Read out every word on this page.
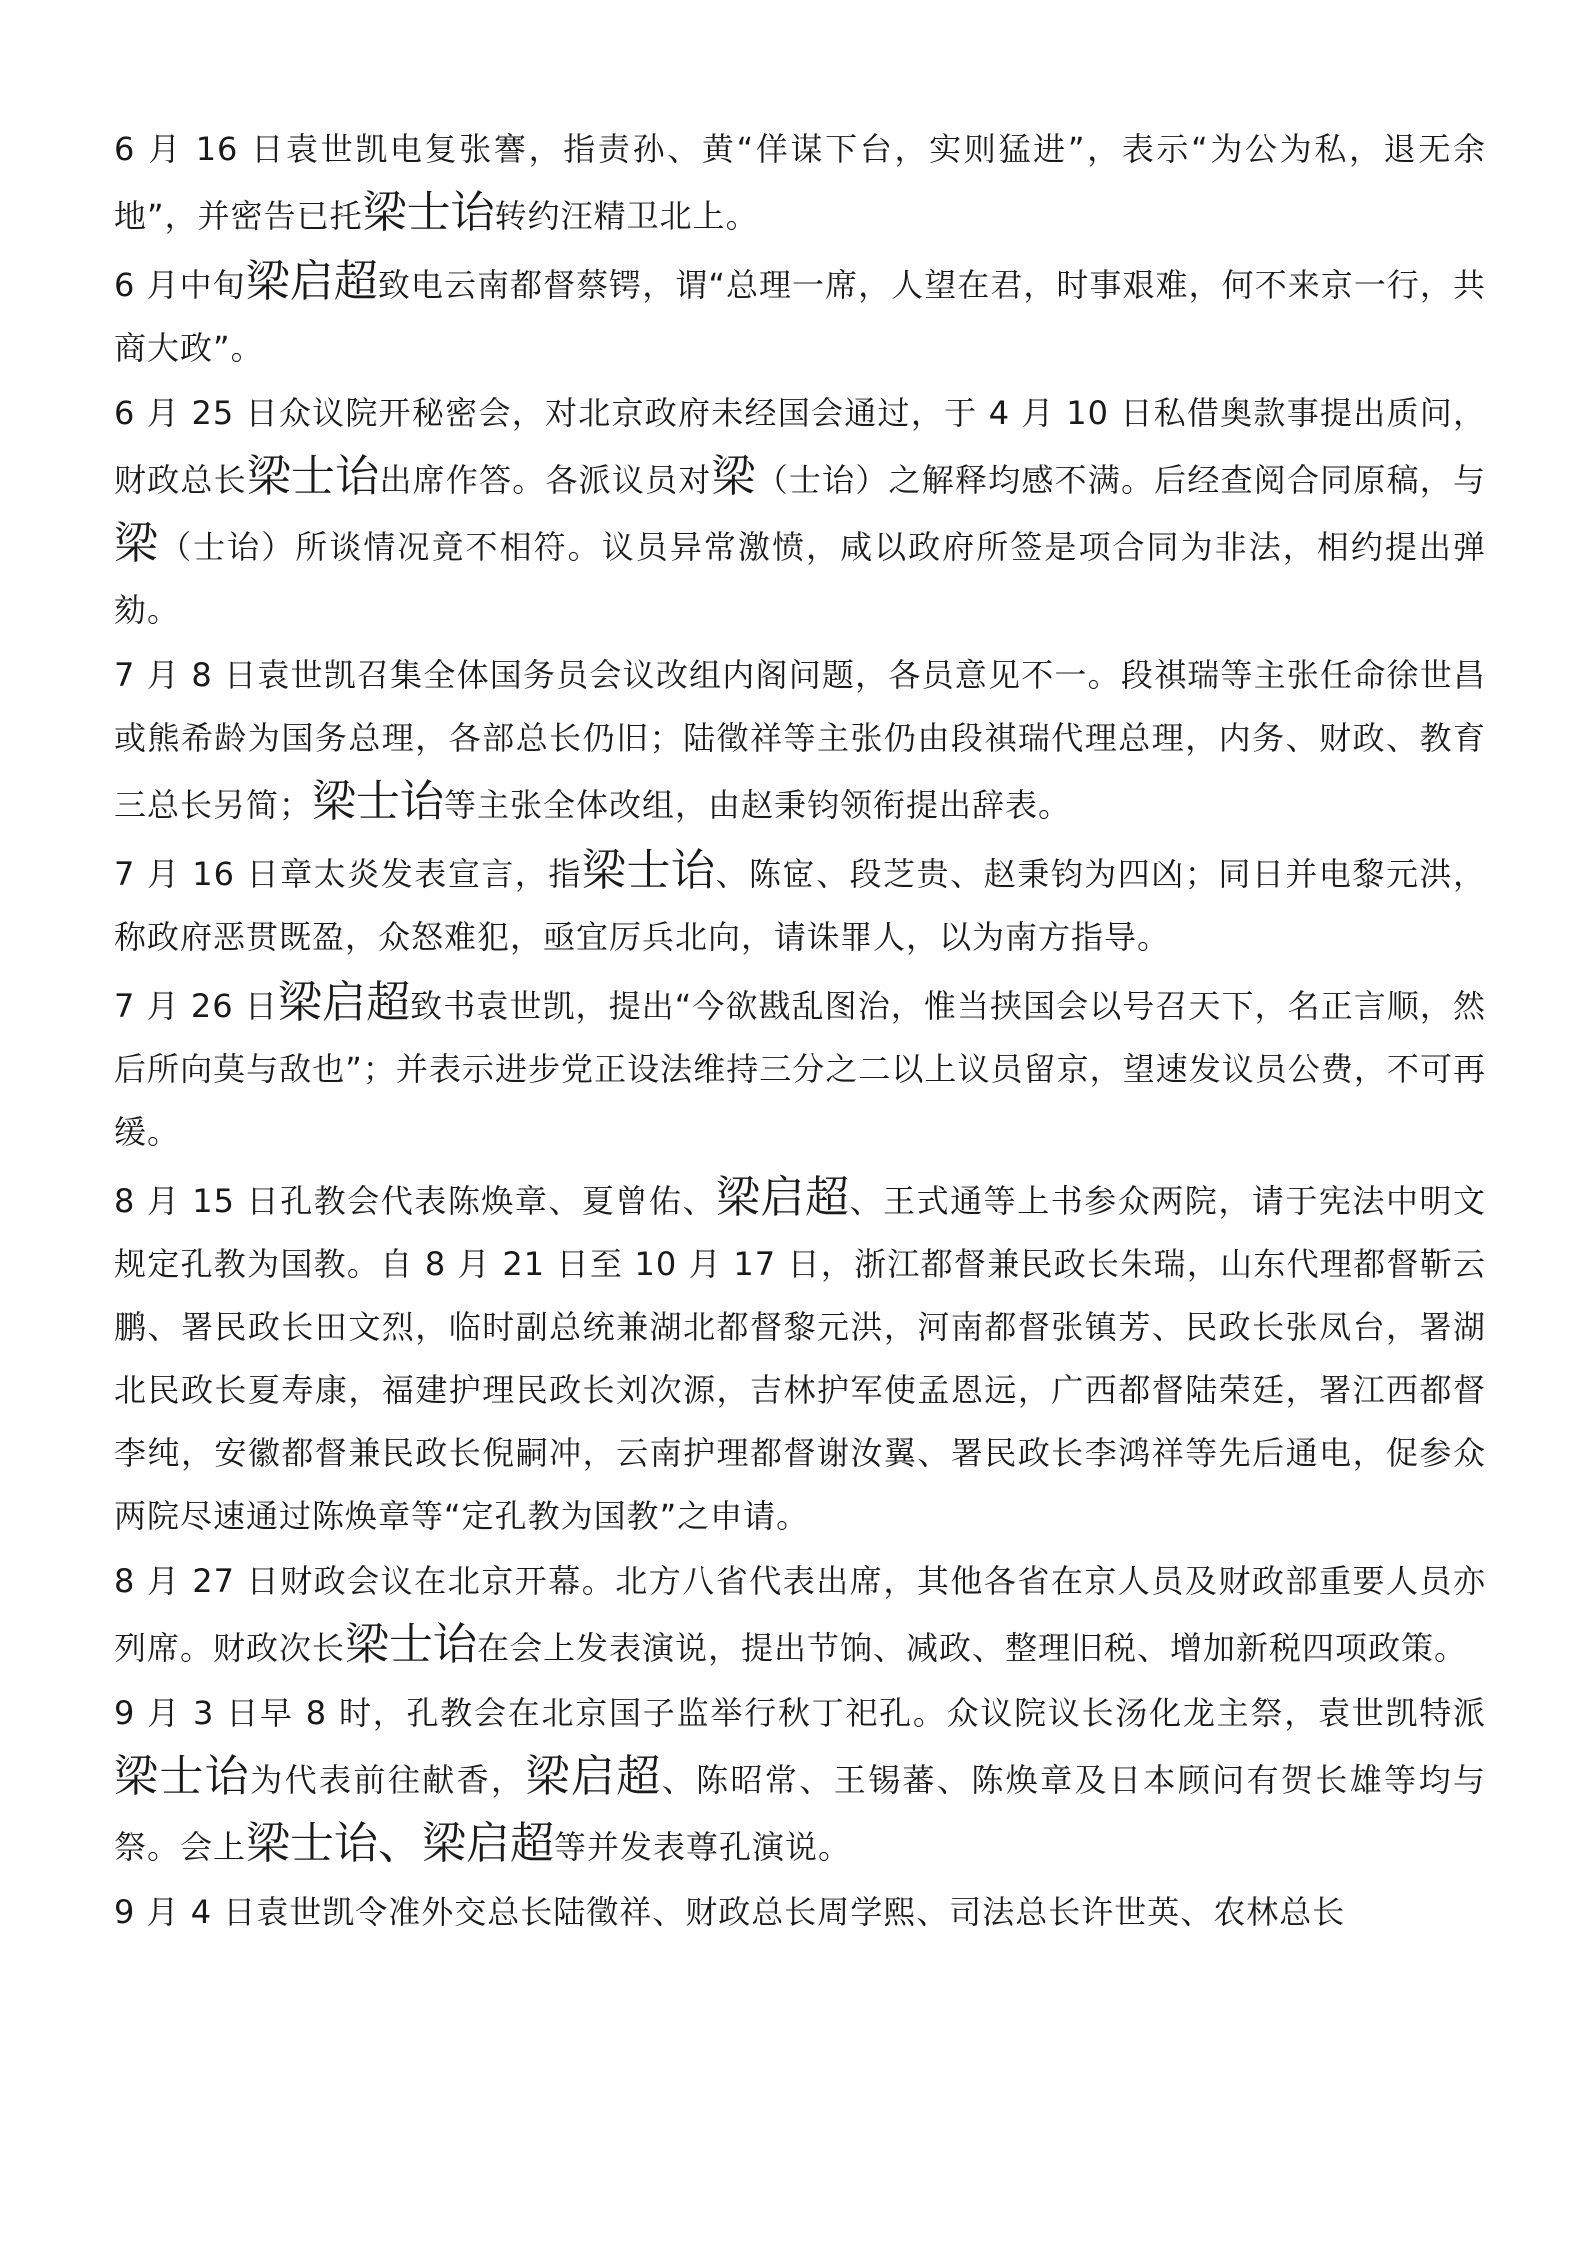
6 月 16 日袁世凯电复张謇，指责孙、黄“佯谋下台，实则猛进”，表示“为公为私，退无余地”，并密告已托梁士诒转约汪精卫北上。

6 月中旬梁启超致电云南都督蔡锷，谓“总理一席，人望在君，时事艰难，何不来京一行，共商大政”。

6 月 25 日众议院开秘密会，对北京政府未经国会通过，于 4 月 10 日私借奥款事提出质问，财政总长梁士诒出席作答。各派议员对梁（士诒）之解释均感不满。后经查阅合同原稿，与梁（士诒）所谈情况竟不相符。议员异常激愤，咸以政府所签是项合同为非法，相约提出弹劾。

7 月 8 日袁世凯召集全体国务员会议改组内阁问题，各员意见不一。段祺瑞等主张任命徐世昌或熊希龄为国务总理，各部总长仍旧；陆徵祥等主张仍由段祺瑞代理总理，内务、财政、教育三总长另简；梁士诒等主张全体改组，由赵秉钧领衔提出辞表。

7 月 16 日章太炎发表宣言，指梁士诒、陈宧、段芝贵、赵秉钧为四凶；同日并电黎元洪，称政府恶贯既盈，众怒难犯，亟宜厉兵北向，请诛罪人，以为南方指导。

7 月 26 日梁启超致书袁世凯，提出“今欲戡乱图治，惟当挟国会以号召天下，名正言顺，然后所向莫与敌也”；并表示进步党正设法维持三分之二以上议员留京，望速发议员公费，不可再缓。

8 月 15 日孔教会代表陈焕章、夏曾佑、梁启超、王式通等上书参众两院，请于宪法中明文规定孔教为国教。自 8 月 21 日至 10 月 17 日，浙江都督兼民政长朱瑞，山东代理都督靳云鹏、署民政长田文烈，临时副总统兼湖北都督黎元洪，河南都督张镇芳、民政长张凤台，署湖北民政长夏寿康，福建护理民政长刘次源，吉林护军使孟恩远，广西都督陆荣廷，署江西都督李纯，安徽都督兼民政长倪嗣冲，云南护理都督谢汝翼、署民政长李鸿祥等先后通电，促参众两院尽速通过陈焕章等“定孔教为国教”之申请。

8 月 27 日财政会议在北京开幕。北方八省代表出席，其他各省在京人员及财政部重要人员亦列席。财政次长梁士诒在会上发表演说，提出节饷、减政、整理旧税、增加新税四项政策。

9 月 3 日早 8 时，孔教会在北京国子监举行秋丁祀孔。众议院议长汤化龙主祭，袁世凯特派梁士诒为代表前往献香，梁启超、陈昭常、王锡蕃、陈焕章及日本顾问有贺长雄等均与祭。会上梁士诒、梁启超等并发表尊孔演说。

9 月 4 日袁世凯令准外交总长陆徵祥、财政总长周学熙、司法总长许世英、农林总长
